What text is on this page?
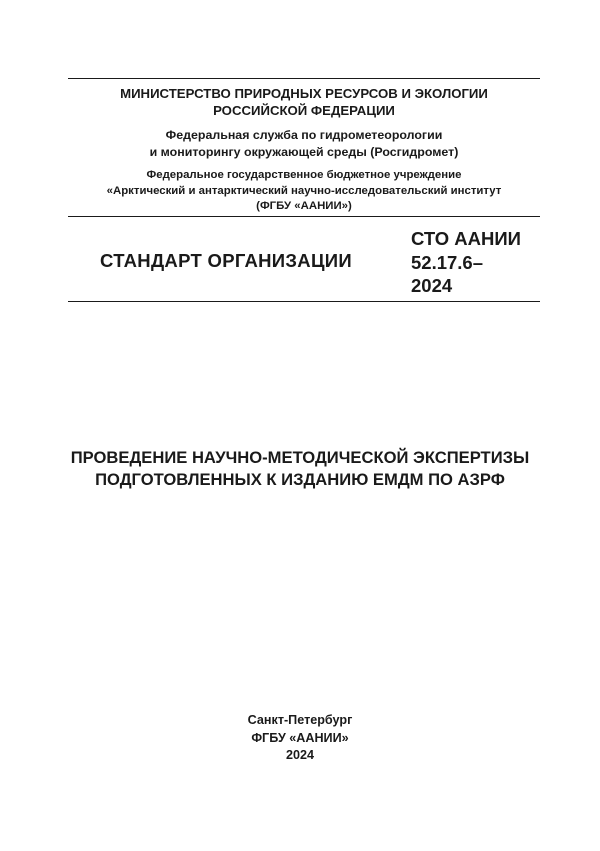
МИНИСТЕРСТВО ПРИРОДНЫХ РЕСУРСОВ И ЭКОЛОГИИ
РОССИЙСКОЙ ФЕДЕРАЦИИ
Федеральная служба по гидрометеорологии
и мониторингу окружающей среды (Росгидромет)
Федеральное государственное бюджетное учреждение
«Арктический и антарктический научно-исследовательский институт
(ФГБУ «ААНИИ»)
СТАНДАРТ ОРГАНИЗАЦИИ
СТО ААНИИ
52.17.6–
2024
ПРОВЕДЕНИЕ НАУЧНО-МЕТОДИЧЕСКОЙ ЭКСПЕРТИЗЫ
ПОДГОТОВЛЕННЫХ К ИЗДАНИЮ ЕМДМ ПО АЗРФ
Санкт-Петербург
ФГБУ «ААНИИ»
2024
